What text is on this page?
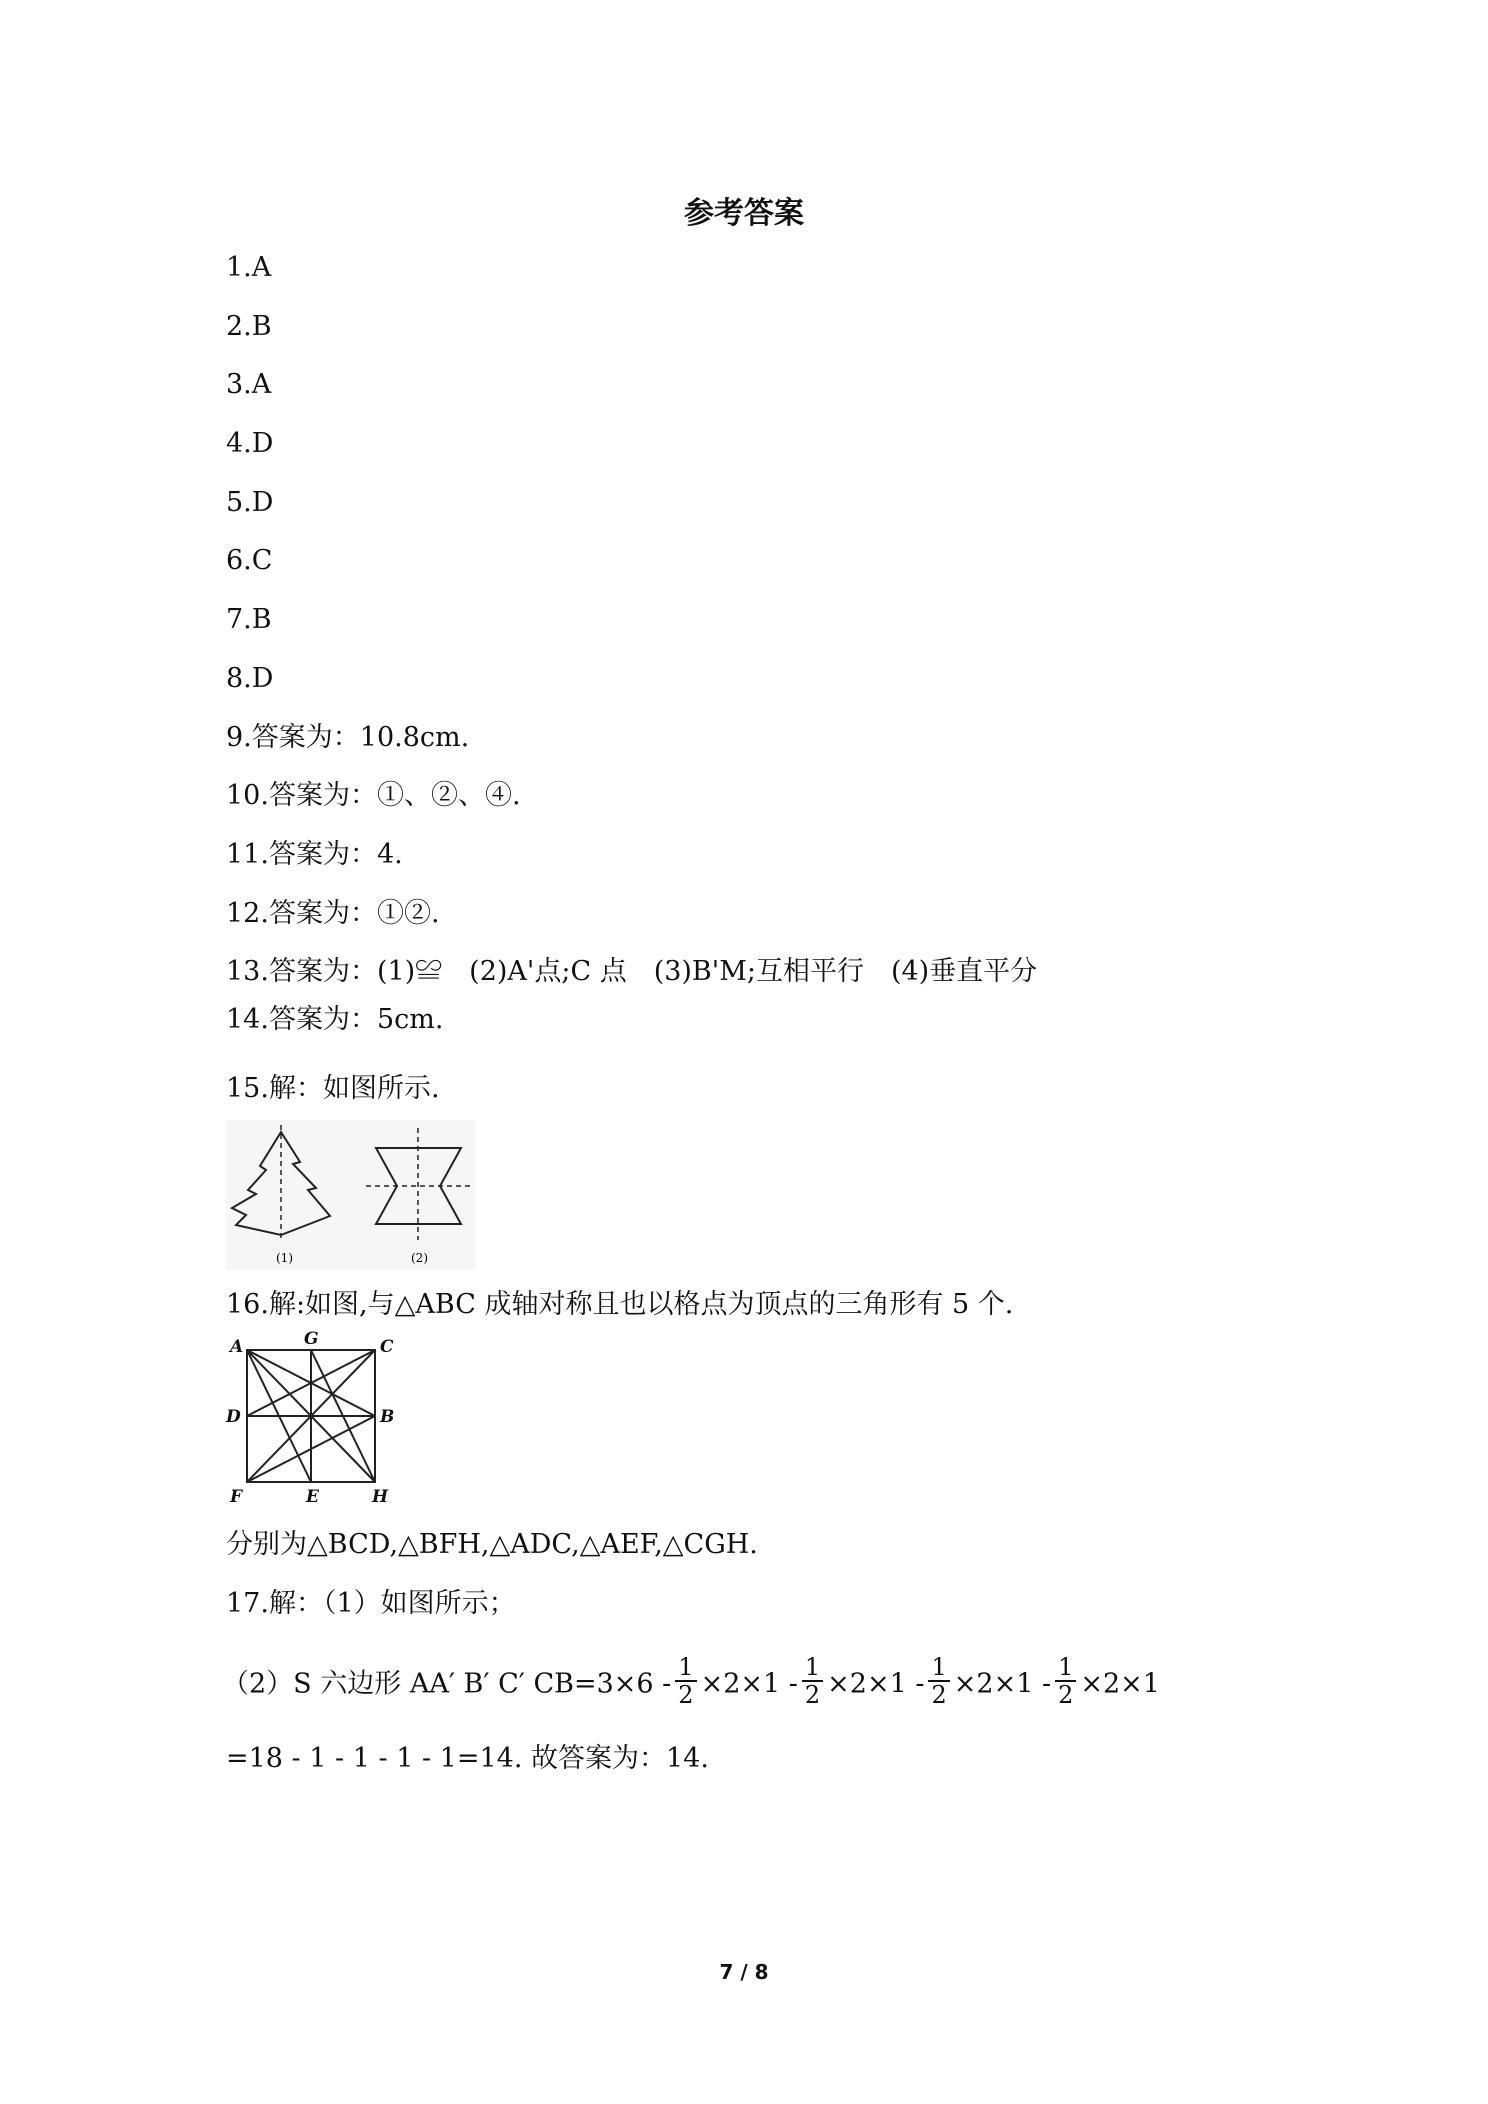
参考答案
1.A
2.B
3.A
4.D
5.D
6.C
7.B
8.D
9.答案为：10.8cm.
10.答案为：①、②、④.
11.答案为：4.
12.答案为：①②.
13.答案为：(1)≌　(2)A'点;C 点　(3)B'M;互相平行　(4)垂直平分
14.答案为：5cm.
15.解：如图所示.
(1)	(2)
16.解:如图,与△ABC 成轴对称且也以格点为顶点的三角形有 5 个.
A	G	C
D	B
F	E	H
分别为△BCD,△BFH,△ADC,△AEF,△CGH.
17.解：（1）如图所示；
（2）S 六边形 AA′ B′ C′ $CB=3\times 6 - \frac{1}{2} \times 2\times 1 - \frac{1}{2} \times 2\times 1 - \frac{1}{2} \times 2\times 1 - \frac{1}{2} \times 2\times 1$
=18 - 1 - 1 - 1 - 1=14. 故答案为：14.
7 / 8
